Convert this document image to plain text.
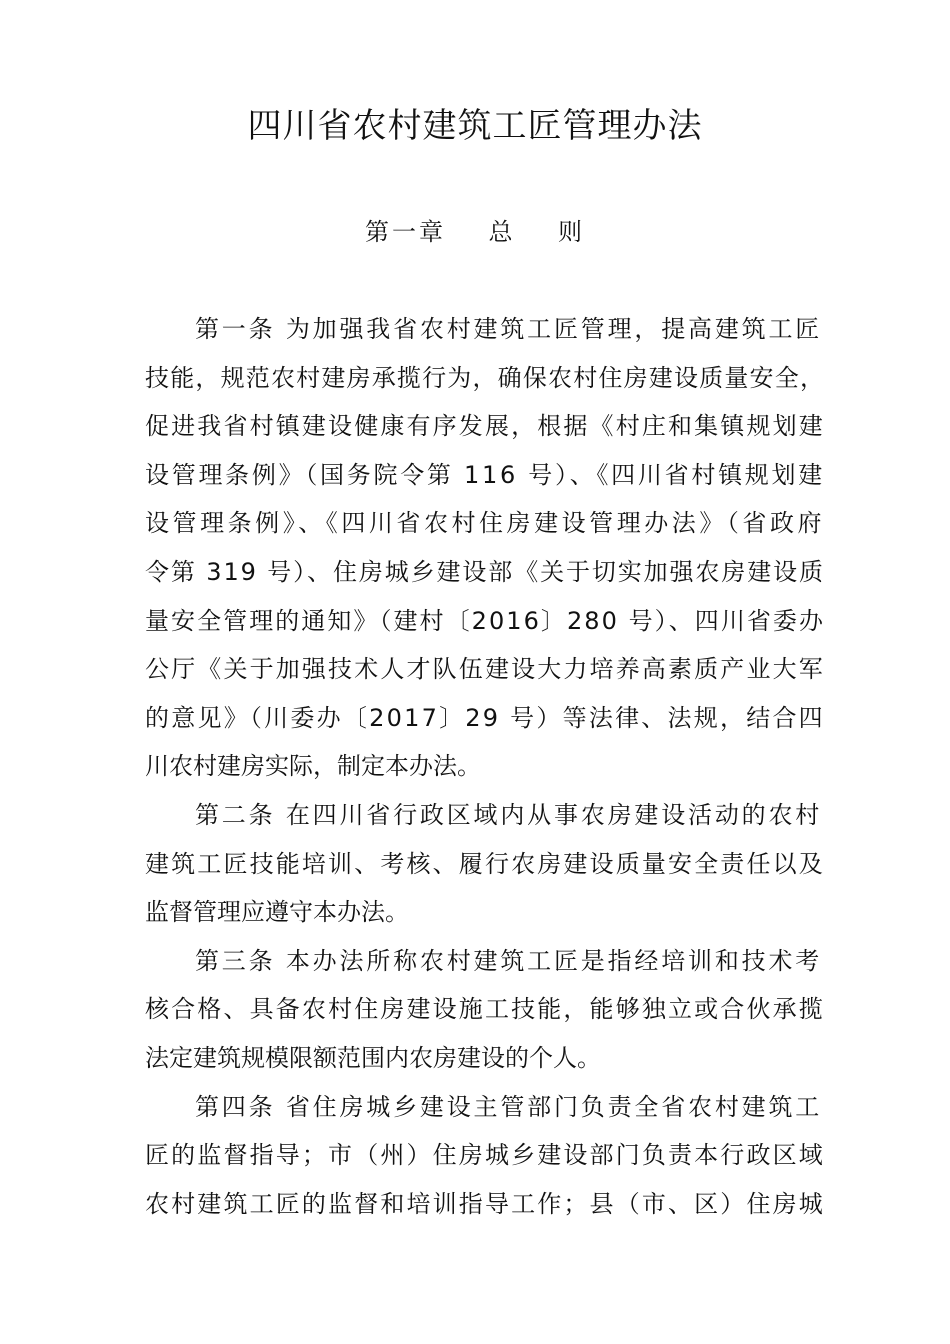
四川省农村建筑工匠管理办法
第一章    总    则
第一条 为加强我省农村建筑工匠管理，提高建筑工匠
技能，规范农村建房承揽行为，确保农村住房建设质量安全，
促进我省村镇建设健康有序发展，根据《村庄和集镇规划建
设管理条例》（国务院令第 116 号）、《四川省村镇规划建
设管理条例》、《四川省农村住房建设管理办法》（省政府
令第 319 号）、住房城乡建设部《关于切实加强农房建设质
量安全管理的通知》（建村〔2016〕280 号）、四川省委办
公厅《关于加强技术人才队伍建设大力培养高素质产业大军
的意见》（川委办〔2017〕29 号）等法律、法规，结合四
川农村建房实际，制定本办法。
第二条 在四川省行政区域内从事农房建设活动的农村
建筑工匠技能培训、考核、履行农房建设质量安全责任以及
监督管理应遵守本办法。
第三条 本办法所称农村建筑工匠是指经培训和技术考
核合格、具备农村住房建设施工技能，能够独立或合伙承揽
法定建筑规模限额范围内农房建设的个人。
第四条 省住房城乡建设主管部门负责全省农村建筑工
匠的监督指导；市（州）住房城乡建设部门负责本行政区域
农村建筑工匠的监督和培训指导工作；县（市、区）住房城
